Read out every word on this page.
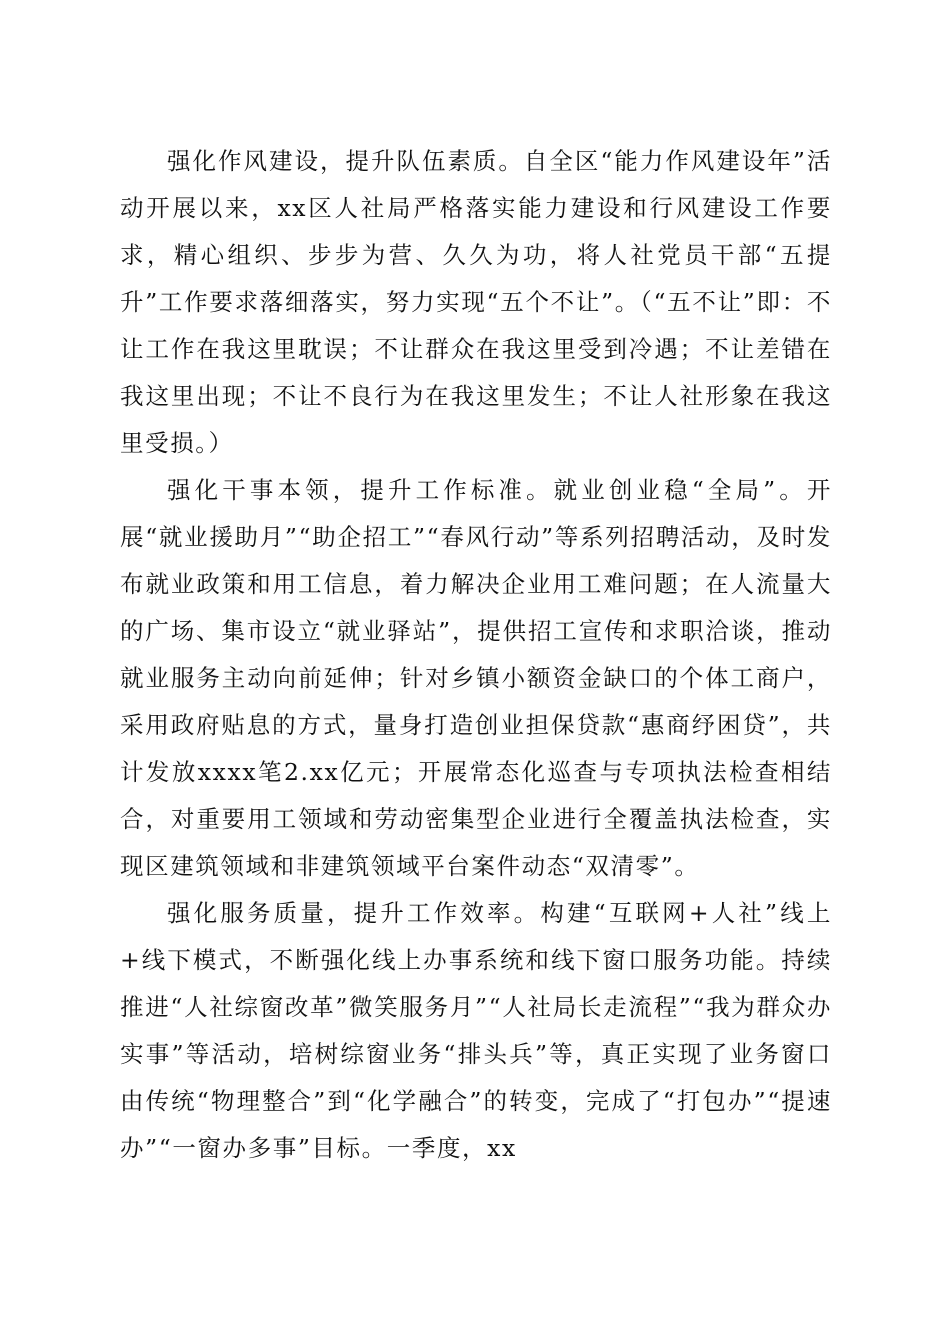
强化作风建设，提升队伍素质。自全区“能力作风建设年”活动开展以来，xx区人社局严格落实能力建设和行风建设工作要求，精心组织、步步为营、久久为功，将人社党员干部“五提升”工作要求落细落实，努力实现“五个不让”。（“五不让”即：不让工作在我这里耽误；不让群众在我这里受到冷遇；不让差错在我这里出现；不让不良行为在我这里发生；不让人社形象在我这里受损。）

强化干事本领，提升工作标准。就业创业稳“全局”。开展“就业援助月”“助企招工”“春风行动”等系列招聘活动，及时发布就业政策和用工信息，着力解决企业用工难问题；在人流量大的广场、集市设立“就业驿站”，提供招工宣传和求职洽谈，推动就业服务主动向前延伸；针对乡镇小额资金缺口的个体工商户，采用政府贴息的方式，量身打造创业担保贷款“惠商纾困贷”，共计发放xxxx笔2.xx亿元；开展常态化巡查与专项执法检查相结合，对重要用工领域和劳动密集型企业进行全覆盖执法检查，实现区建筑领域和非建筑领域平台案件动态“双清零”。

强化服务质量，提升工作效率。构建“互联网+人社”线上+线下模式，不断强化线上办事系统和线下窗口服务功能。持续推进“人社综窗改革”微笑服务月”“人社局长走流程”“我为群众办实事”等活动，培树综窗业务“排头兵”等，真正实现了业务窗口由传统“物理整合”到“化学融合”的转变，完成了“打包办”“提速办”“一窗办多事”目标。一季度，xx
